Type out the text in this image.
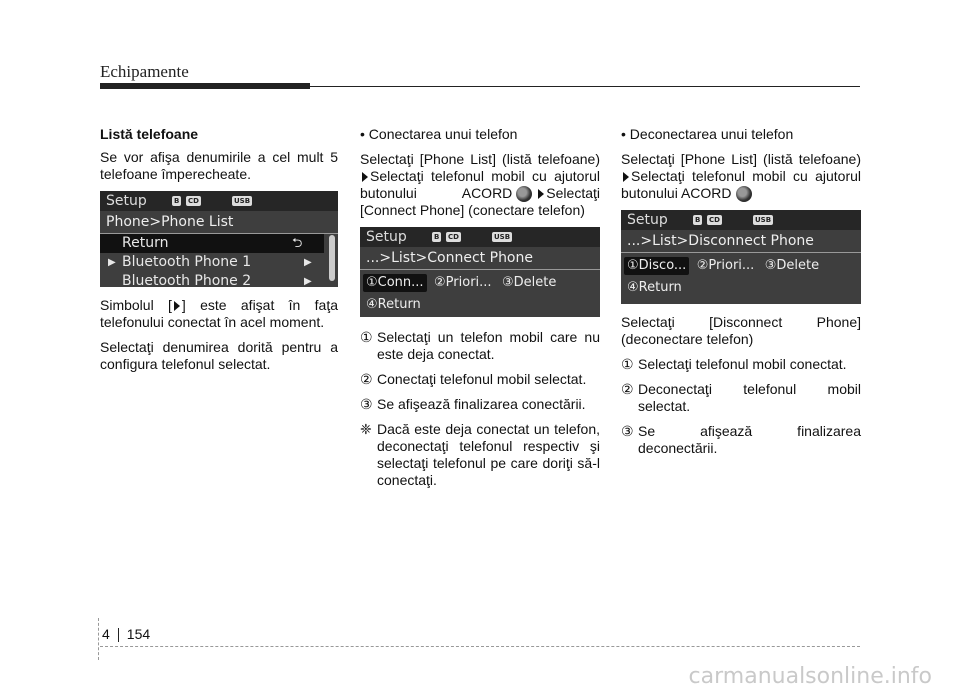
Echipamente

Listă telefoane

Se vor afişa denumirile a cel mult 5 telefoane împerecheate.

Setup	B CD	USB
Phone>Phone List
Return	⮌
▶ Bluetooth Phone 1	▶
Bluetooth Phone 2	▶

Simbolul [ ] este afişat în faţa telefonului conectat în acel moment.

Selectaţi denumirea dorită pentru a configura telefonul selectat.

• Conectarea unui telefon

Selectaţi [Phone List] (listă telefoane)Selectaţi telefonul mobil cu ajutorul butonului ACORD Selectaţi [Connect Phone] (conectare telefon)

Setup	B CD	USB
...>List>Connect Phone
①Conn... ②Priori... ③Delete
④Return
① Selectaţi un telefon mobil care nu este deja conectat.
② Conectaţi telefonul mobil selectat.
③ Se afişează finalizarea conectării.
❈ Dacă este deja conectat un telefon, deconectaţi telefonul respectiv şi selectaţi telefonul pe care doriţi să-l conectaţi.

• Deconectarea unui telefon

Selectaţi [Phone List] (listă telefoane)Selectaţi telefonul mobil cu ajutorul butonului ACORD

Setup	B CD	USB
...>List>Disconnect Phone
①Disco... ②Priori... ③Delete
④Return

Selectaţi [Disconnect Phone] (deconectare telefon)

① Selectaţi telefonul mobil conectat.
② Deconectaţi telefonul mobil selectat.
③ Se afişează finalizarea deconectării.
4 154
carmanualsonline.info
